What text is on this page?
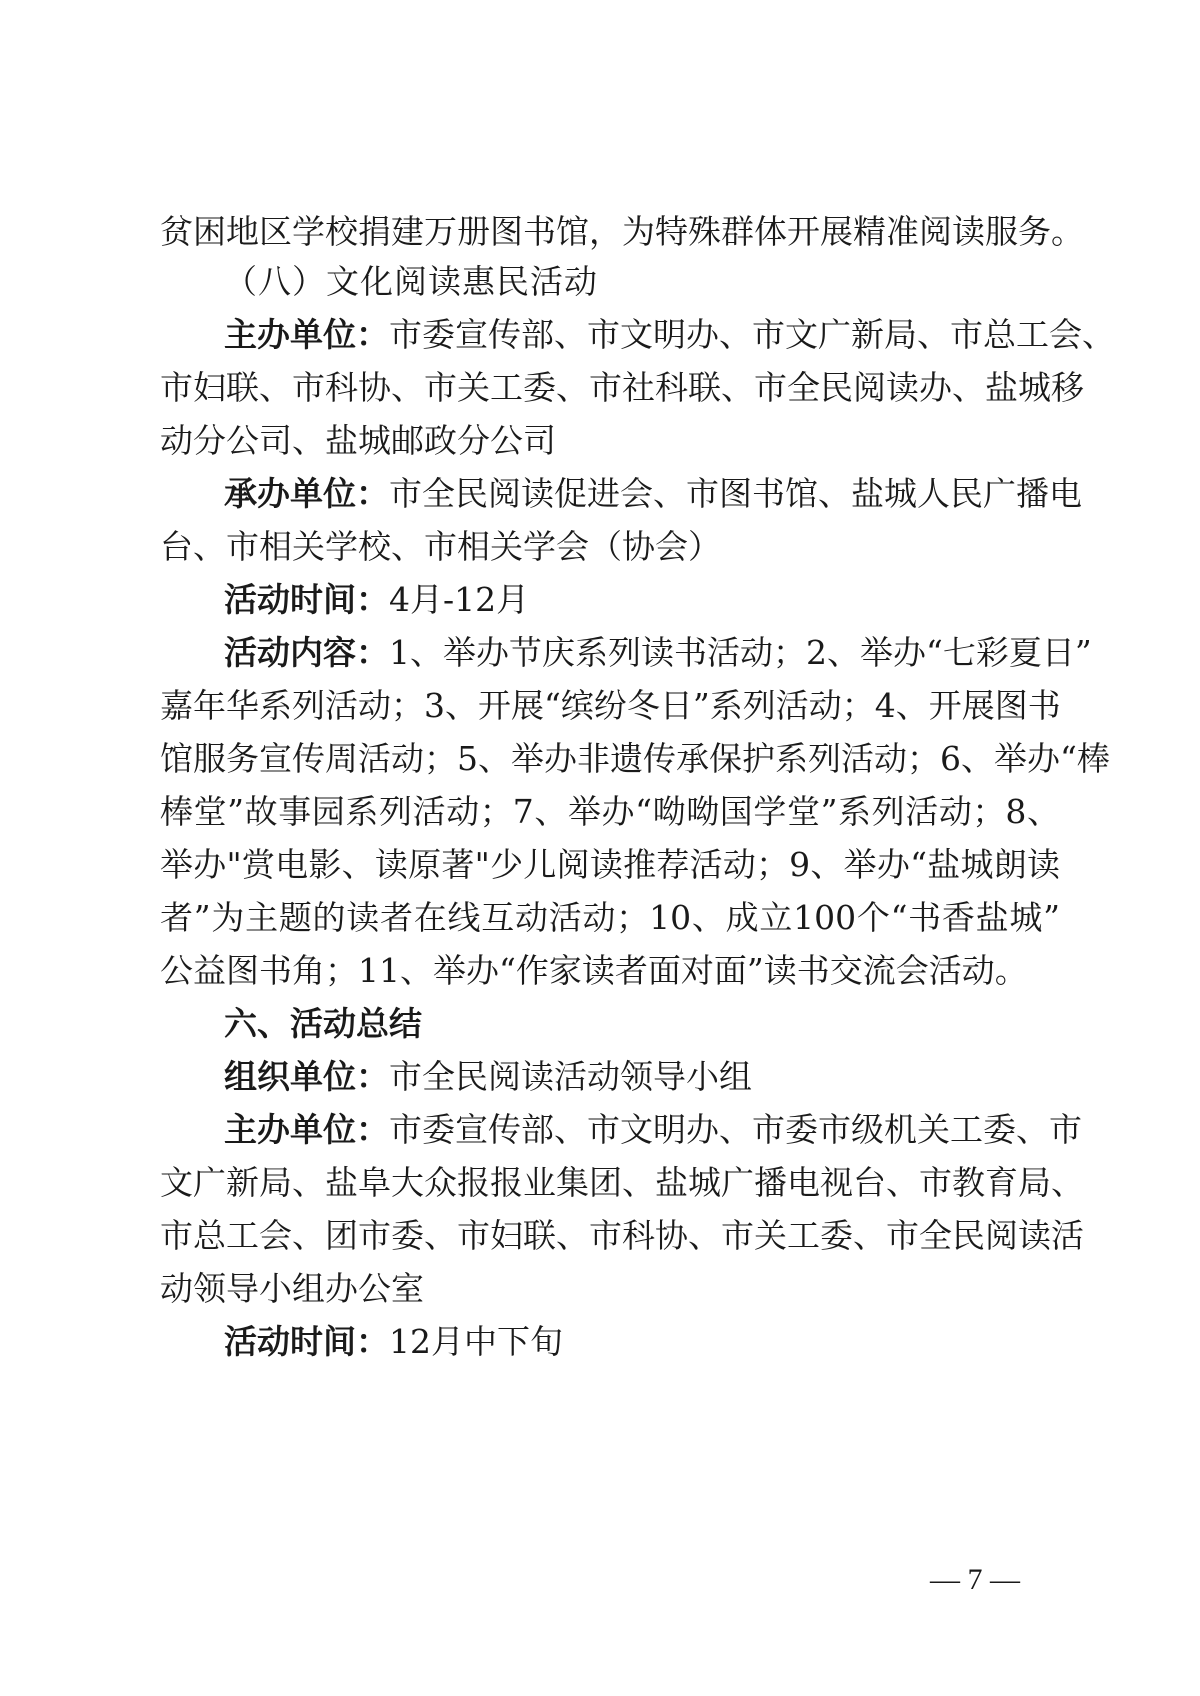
贫困地区学校捐建万册图书馆，为特殊群体开展精准阅读服务。
（八）文化阅读惠民活动
主办单位：市委宣传部、市文明办、市文广新局、市总工会、
市妇联、市科协、市关工委、市社科联、市全民阅读办、盐城移
动分公司、盐城邮政分公司
承办单位：市全民阅读促进会、市图书馆、盐城人民广播电
台、市相关学校、市相关学会（协会）
活动时间：4月-12月
活动内容：1、举办节庆系列读书活动；2、举办“七彩夏日”
嘉年华系列活动；3、开展“缤纷冬日”系列活动；4、开展图书
馆服务宣传周活动；5、举办非遗传承保护系列活动；6、举办“棒
棒堂”故事园系列活动；7、举办“呦呦国学堂”系列活动；8、
举办"赏电影、读原著"少儿阅读推荐活动；9、举办“盐城朗读
者”为主题的读者在线互动活动；10、成立100个“书香盐城”
公益图书角；11、举办“作家读者面对面”读书交流会活动。
六、活动总结
组织单位：市全民阅读活动领导小组
主办单位：市委宣传部、市文明办、市委市级机关工委、市
文广新局、盐阜大众报报业集团、盐城广播电视台、市教育局、
市总工会、团市委、市妇联、市科协、市关工委、市全民阅读活
动领导小组办公室
活动时间：12月中下旬
— 7 —
